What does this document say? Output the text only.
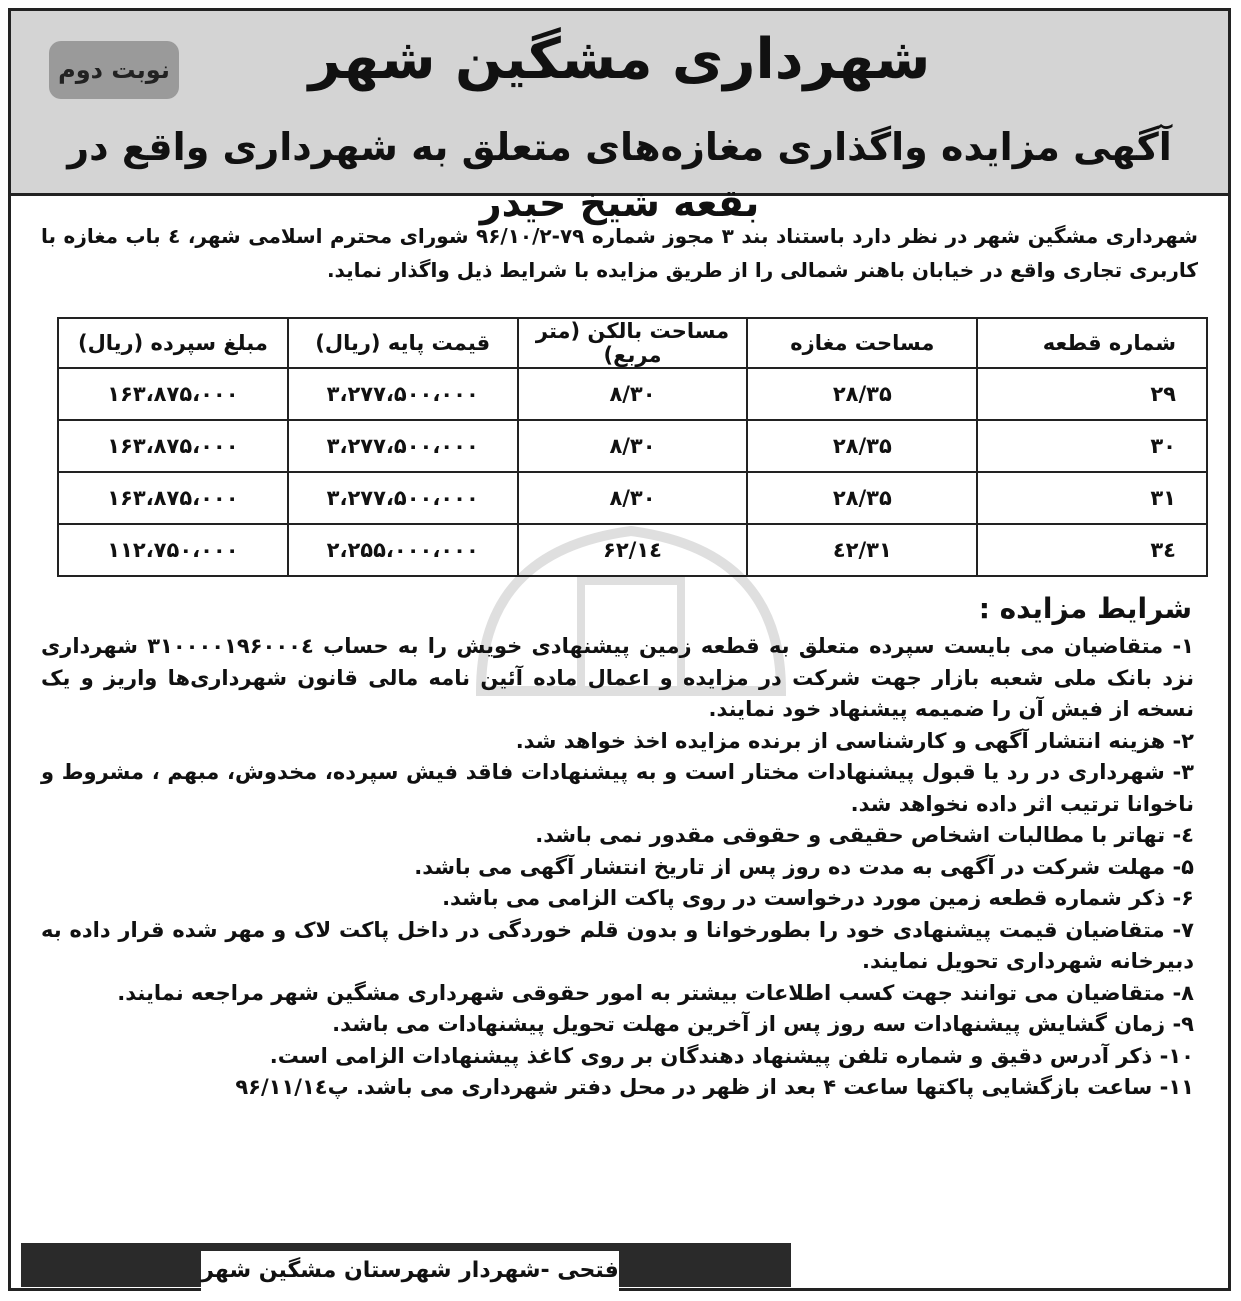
شهرداری مشگین شهر
نوبت دوم
آگهی مزایده واگذاری مغازه‌های متعلق به شهرداری واقع در بقعه شیخ حیدر
شهرداری مشگین شهر در نظر دارد باستناد بند ۳ مجوز شماره ۷۹-۹۶/۱۰/۲ شورای محترم اسلامی شهر، ٤ باب مغازه با کاربری تجاری واقع در خیابان باهنر شمالی را از طریق مزایده با شرایط ذیل واگذار نماید.
شماره قطعه	مساحت مغازه	مساحت بالکن (متر مربع)	قیمت پایه (ریال)	مبلغ سپرده (ریال)
۲۹	۲۸/۳۵	۸/۳۰	۳،۲۷۷،۵۰۰،۰۰۰	۱۶۳،۸۷۵،۰۰۰
۳۰	۲۸/۳۵	۸/۳۰	۳،۲۷۷،۵۰۰،۰۰۰	۱۶۳،۸۷۵،۰۰۰
۳۱	۲۸/۳۵	۸/۳۰	۳،۲۷۷،۵۰۰،۰۰۰	۱۶۳،۸۷۵،۰۰۰
۳٤	٤۲/۳۱	۱٤/۶۲	۲،۲۵۵،۰۰۰،۰۰۰	۱۱۲،۷۵۰،۰۰۰
شرایط مزایده :
۱- متقاضیان می بایست سپرده متعلق به قطعه زمین پیشنهادی خویش را به حساب ۳۱۰۰۰۰۱۹۶۰۰۰٤ شهرداری نزد بانک ملی شعبه بازار جهت شرکت در مزایده و اعمال ماده آئین نامه مالی قانون شهرداری‌ها واریز و یک نسخه از فیش آن را ضمیمه پیشنهاد خود نمایند.
۲- هزینه انتشار آگهی و کارشناسی از برنده مزایده اخذ خواهد شد.
۳- شهرداری در رد یا قبول پیشنهادات مختار است و به پیشنهادات فاقد فیش سپرده، مخدوش، مبهم ، مشروط و ناخوانا ترتیب اثر داده نخواهد شد.
٤- تهاتر با مطالبات اشخاص حقیقی و حقوقی مقدور نمی باشد.
۵- مهلت شرکت در آگهی به مدت ده روز پس از تاریخ انتشار آگهی می باشد.
۶- ذکر شماره قطعه زمین مورد درخواست در روی پاکت الزامی می باشد.
۷- متقاضیان قیمت پیشنهادی خود را بطورخوانا و بدون قلم خوردگی در داخل پاکت لاک و مهر شده قرار داده به دبیرخانه شهرداری تحویل نمایند.
۸- متقاضیان می توانند جهت کسب اطلاعات بیشتر به امور حقوقی شهرداری مشگین شهر مراجعه نمایند.
۹- زمان گشایش پیشنهادات سه روز پس از آخرین مهلت تحویل پیشنهادات می باشد.
۱۰- ذکر آدرس دقیق و شماره تلفن پیشنهاد دهندگان بر روی کاغذ پیشنهادات الزامی است.
۱۱- ساعت بازگشایی پاکتها ساعت ۴ بعد از ظهر در محل دفتر شهرداری می باشد. پ۹۶/۱۱/۱٤
فتحی -شهردار شهرستان مشگین شهر
